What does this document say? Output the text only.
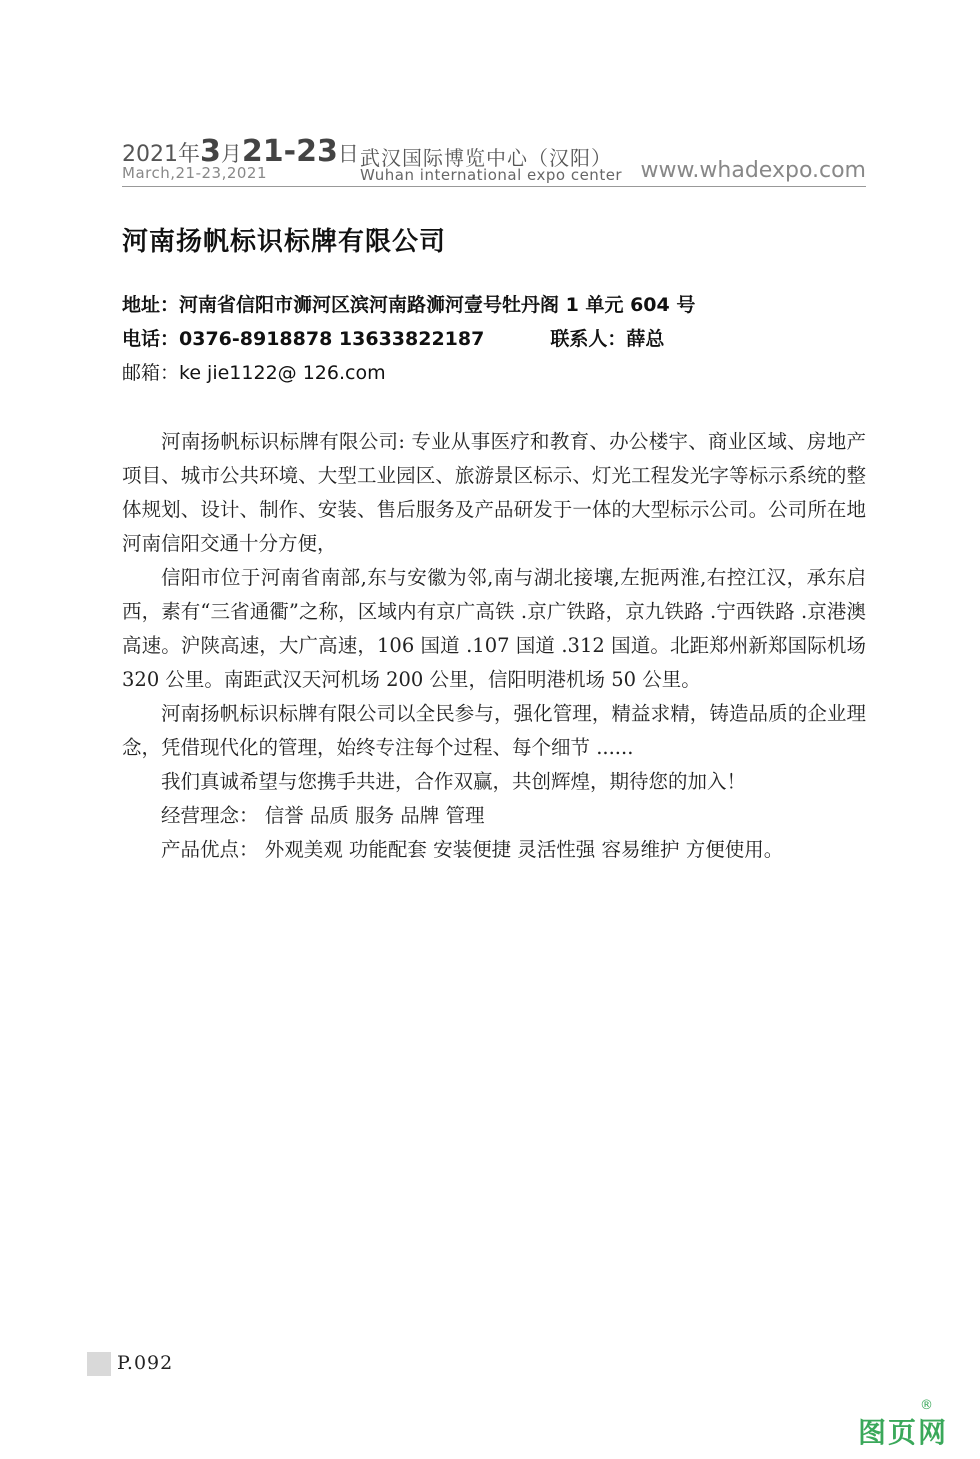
2021年3月21-23日
March,21-23,2021
武汉国际博览中心（汉阳）
Wuhan international expo center www.whadexpo.com
河南扬帆标识标牌有限公司
地址：河南省信阳市浉河区滨河南路浉河壹号牡丹阁 1 单元 604 号
电话：0376-8918878 13633822187	联系人：薛总
邮箱：ke jie1122@ 126.com

河南扬帆标识标牌有限公司: 专业从事医疗和教育、办公楼宇、商业区域、房地产项目、城市公共环境、大型工业园区、旅游景区标示、灯光工程发光字等标示系统的整体规划、设计、制作、安装、售后服务及产品研发于一体的大型标示公司。公司所在地河南信阳交通十分方便，

信阳市位于河南省南部,东与安徽为邻,南与湖北接壤,左扼两淮,右控江汉，承东启西，素有“三省通衢”之称，区域内有京广高铁 .京广铁路，京九铁路 .宁西铁路 .京港澳高速。沪陕高速，大广高速，106 国道 .107 国道 .312 国道。北距郑州新郑国际机场 320 公里。南距武汉天河机场 200 公里，信阳明港机场 50 公里。

河南扬帆标识标牌有限公司以全民参与，强化管理，精益求精，铸造品质的企业理念，凭借现代化的管理，始终专注每个过程、每个细节 ......

我们真诚希望与您携手共进，合作双赢，共创辉煌，期待您的加入！

经营理念： 信誉 品质 服务 品牌 管理

产品优点： 外观美观 功能配套 安装便捷 灵活性强 容易维护 方便使用。

P.092
图页网
®
